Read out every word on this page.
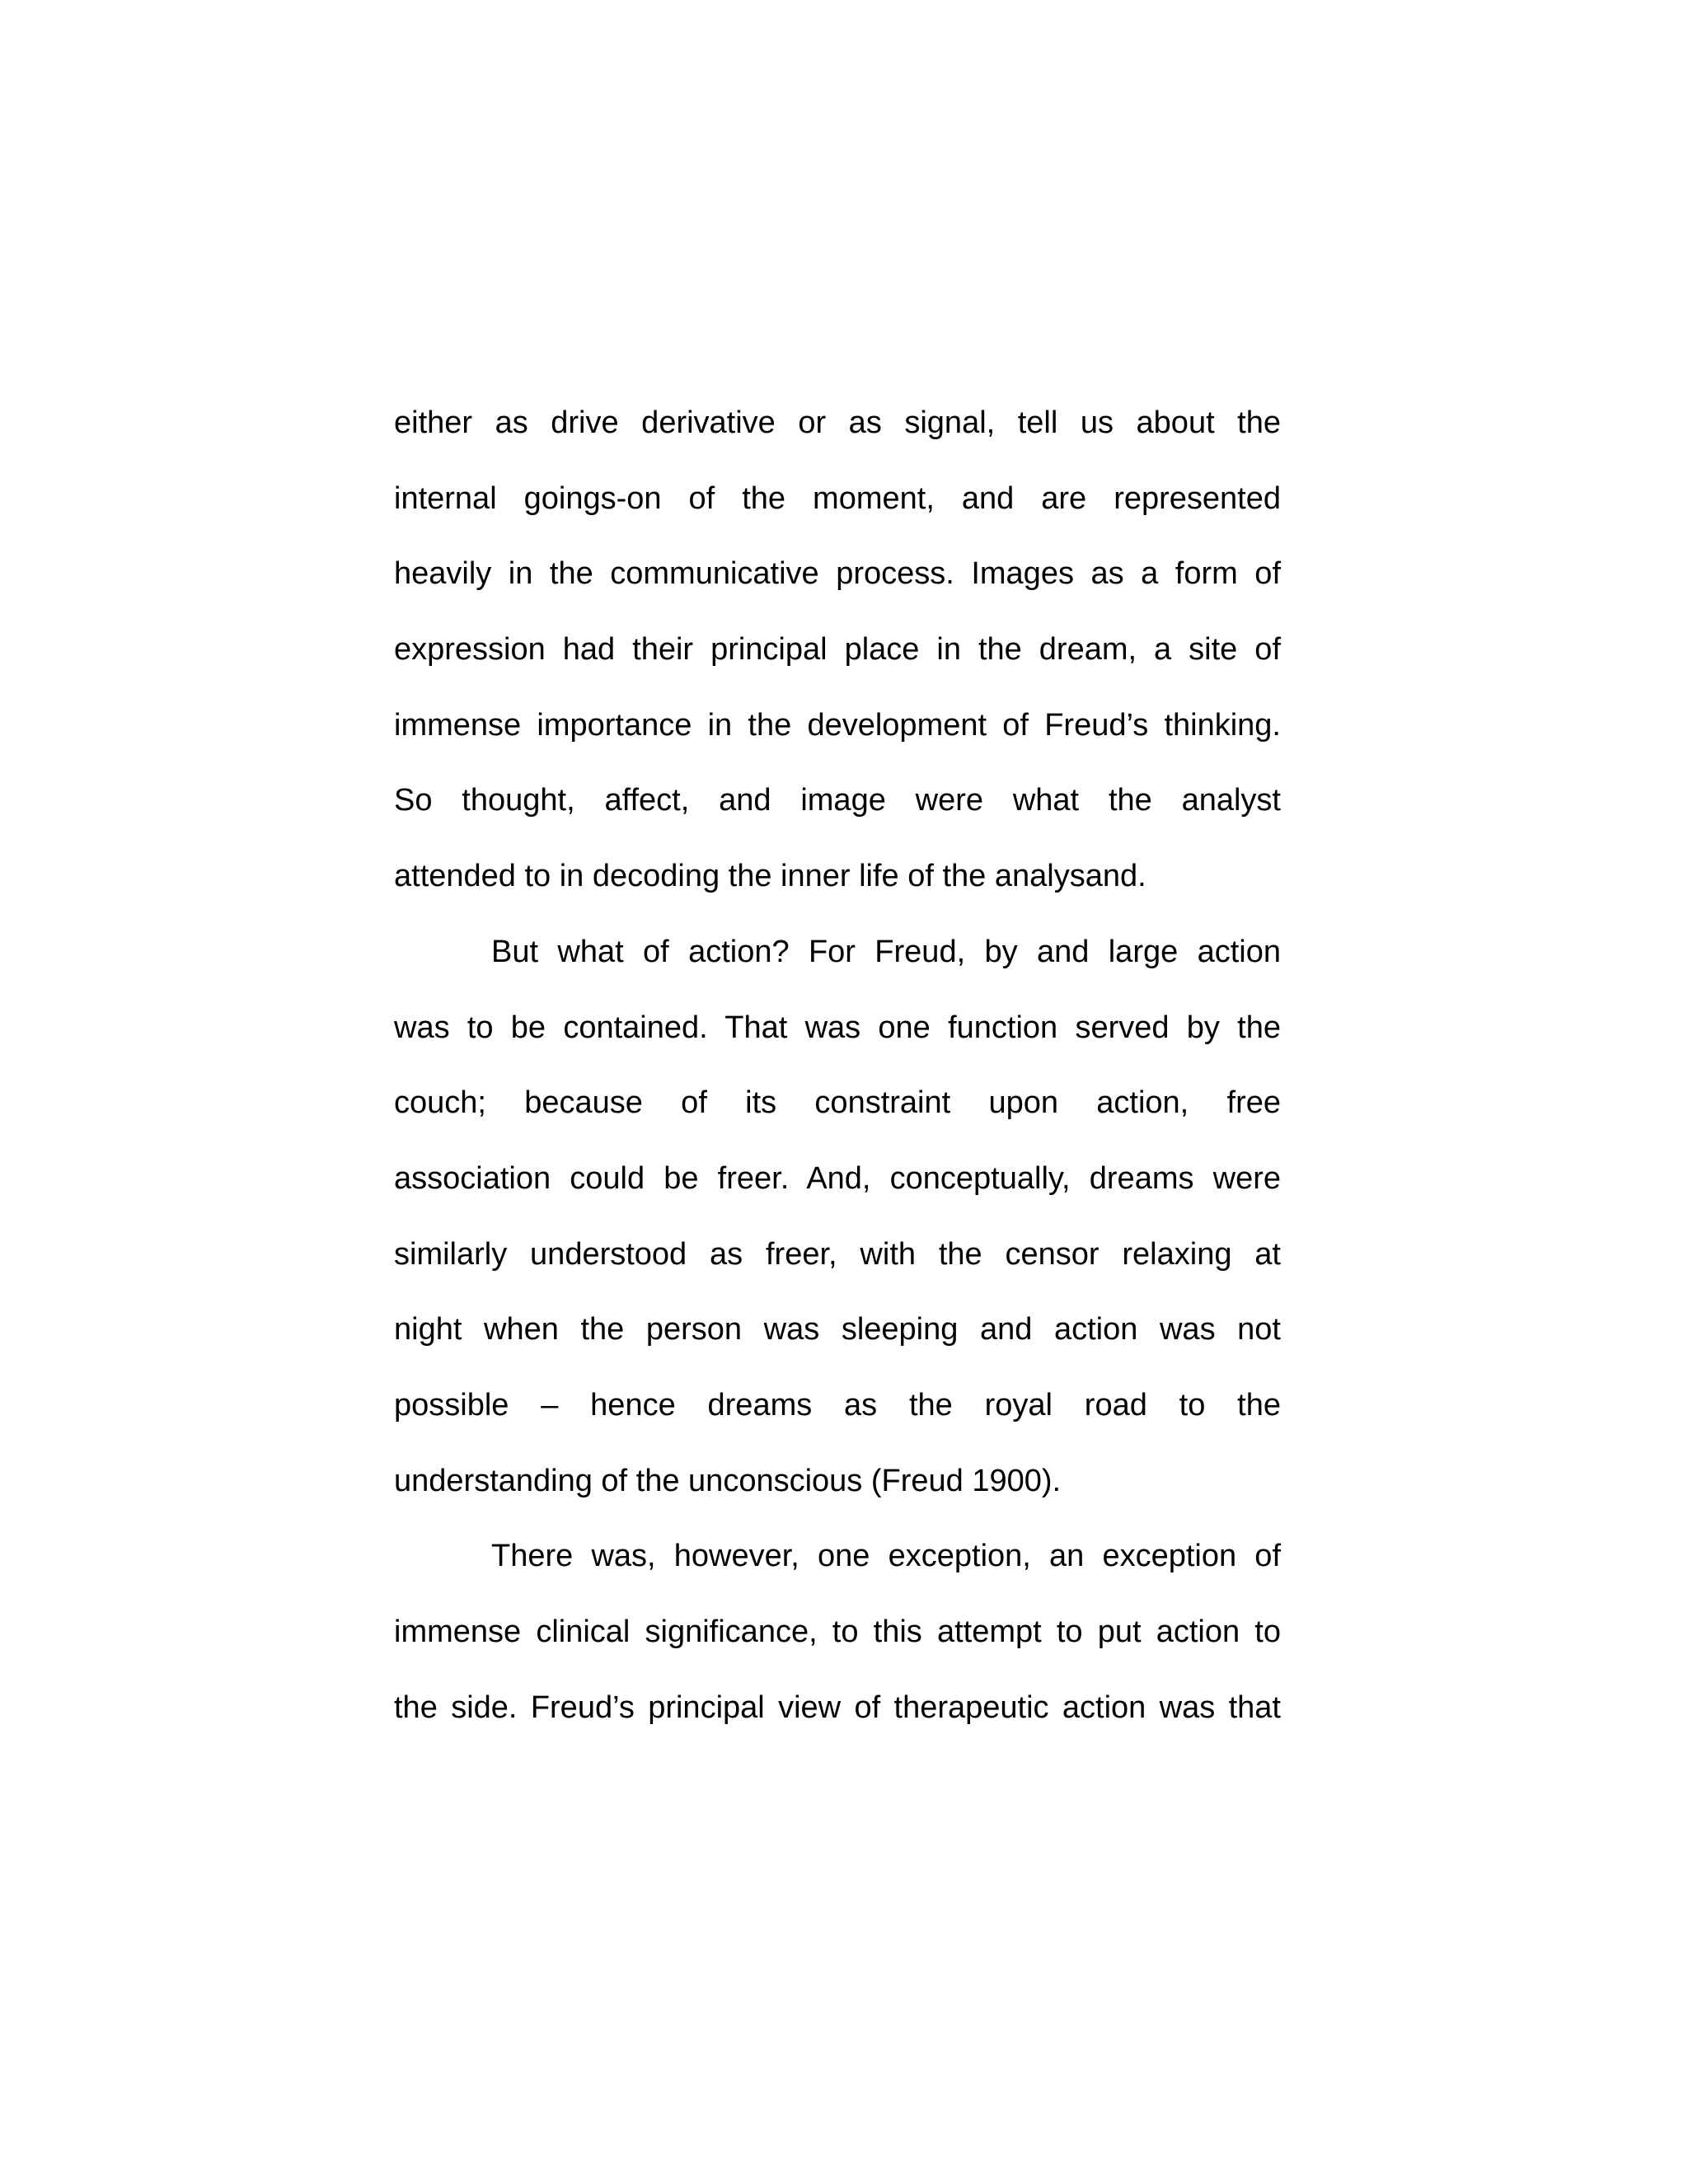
either as drive derivative or as signal, tell us about the
internal goings-on of the moment, and are represented
heavily in the communicative process. Images as a form of
expression had their principal place in the dream, a site of
immense importance in the development of Freud’s thinking.
So thought, affect, and image were what the analyst
attended to in decoding the inner life of the analysand.
But what of action? For Freud, by and large action
was to be contained. That was one function served by the
couch; because of its constraint upon action, free
association could be freer. And, conceptually, dreams were
similarly understood as freer, with the censor relaxing at
night when the person was sleeping and action was not
possible – hence dreams as the royal road to the
understanding of the unconscious (Freud 1900).
There was, however, one exception, an exception of
immense clinical significance, to this attempt to put action to
the side. Freud’s principal view of therapeutic action was that
